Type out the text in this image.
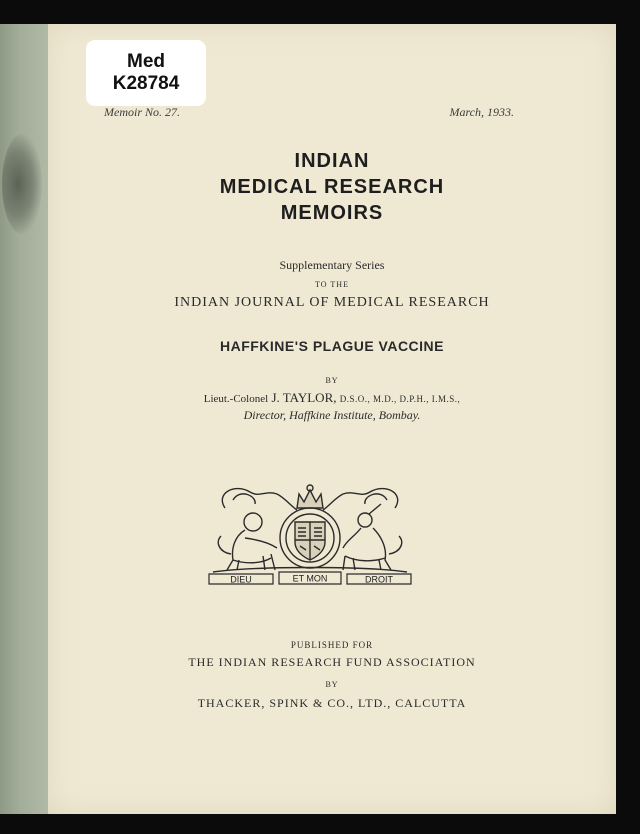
Med
K28784
Memoir No. 27.	March, 1933.
INDIAN
MEDICAL RESEARCH
MEMOIRS
Supplementary Series
TO THE
INDIAN JOURNAL OF MEDICAL RESEARCH
HAFFKINE'S PLAGUE VACCINE
BY
Lieut.-Colonel J. TAYLOR, D.S.O., M.D., D.P.H., I.M.S.,
Director, Haffkine Institute, Bombay.
DIEU	ET MON	DROIT
PUBLISHED FOR
THE INDIAN RESEARCH FUND ASSOCIATION
BY
THACKER, SPINK & CO., LTD., CALCUTTA
